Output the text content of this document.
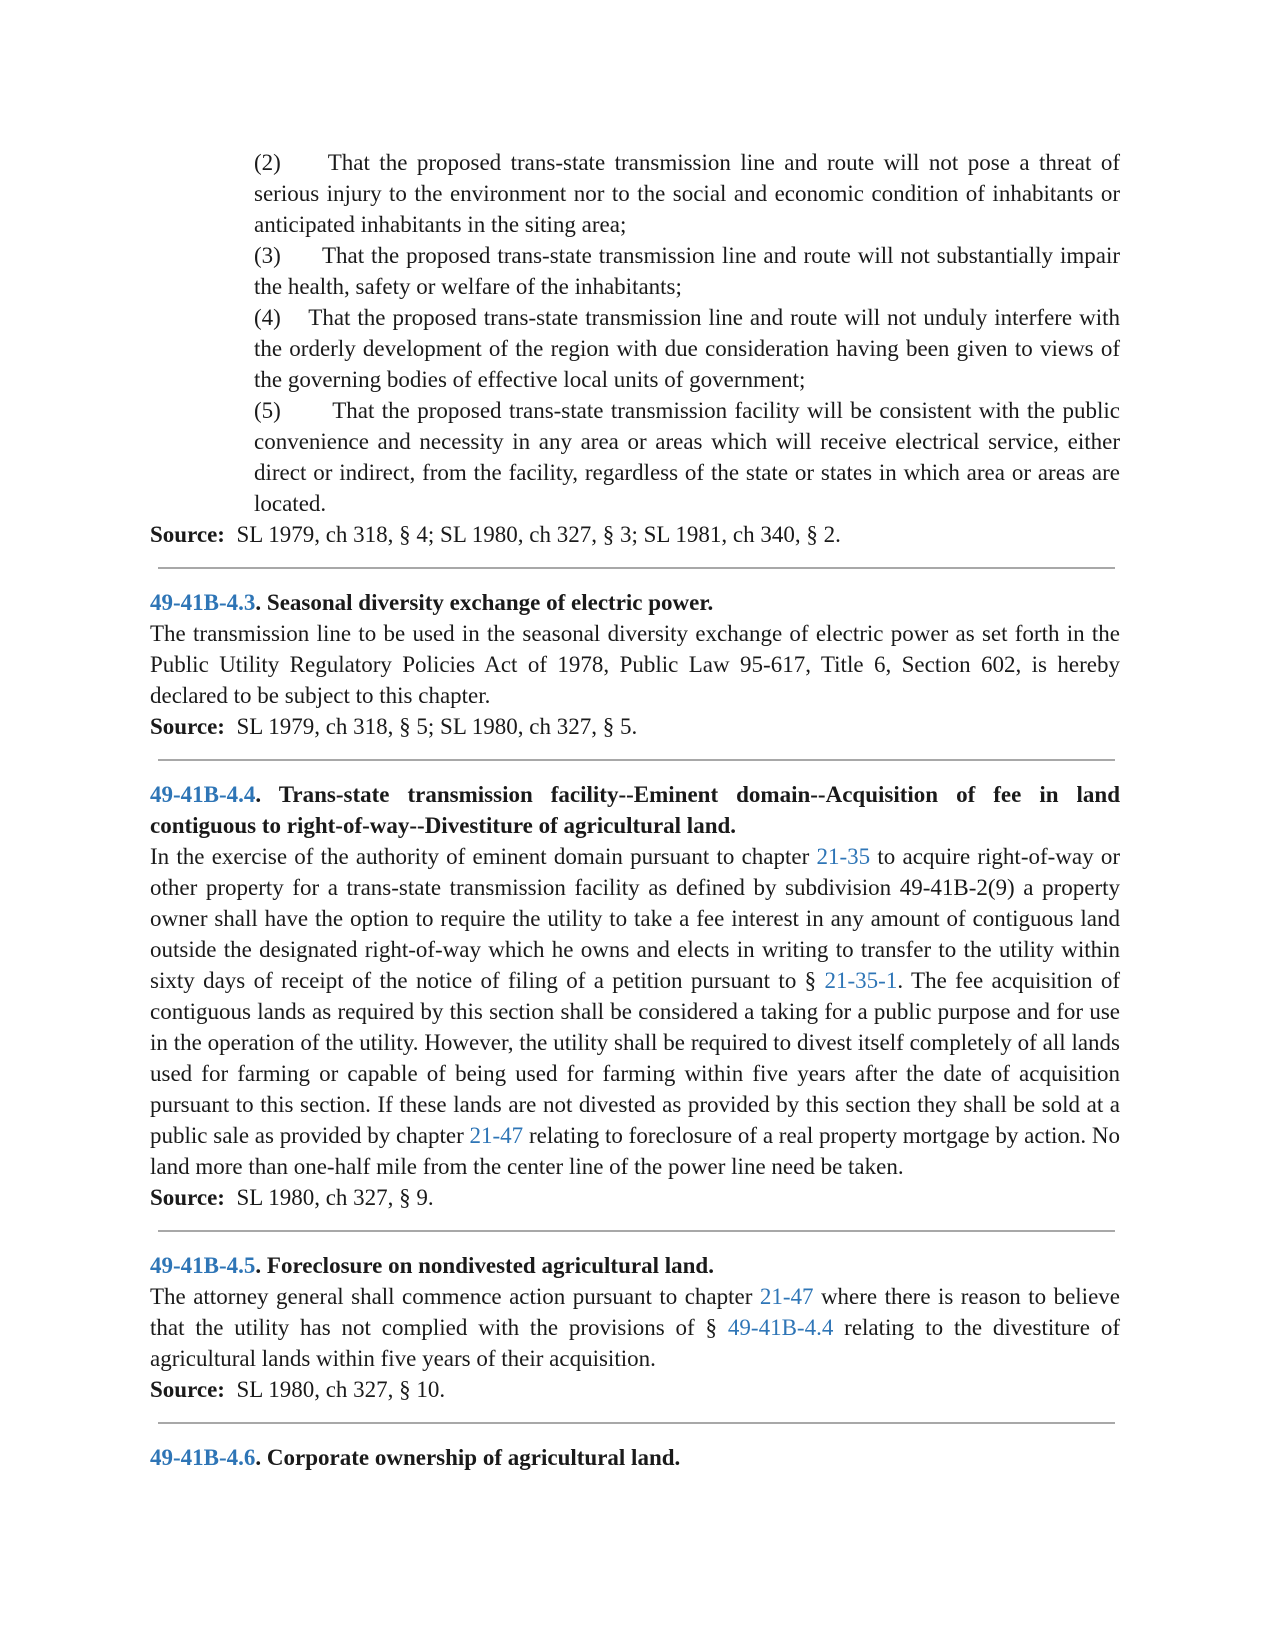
(2) That the proposed trans-state transmission line and route will not pose a threat of serious injury to the environment nor to the social and economic condition of inhabitants or anticipated inhabitants in the siting area;

(3) That the proposed trans-state transmission line and route will not substantially impair the health, safety or welfare of the inhabitants;

(4) That the proposed trans-state transmission line and route will not unduly interfere with the orderly development of the region with due consideration having been given to views of the governing bodies of effective local units of government;

(5) That the proposed trans-state transmission facility will be consistent with the public convenience and necessity in any area or areas which will receive electrical service, either direct or indirect, from the facility, regardless of the state or states in which area or areas are located.

Source: SL 1979, ch 318, § 4; SL 1980, ch 327, § 3; SL 1981, ch 340, § 2.

49-41B-4.3. Seasonal diversity exchange of electric power.

The transmission line to be used in the seasonal diversity exchange of electric power as set forth in the Public Utility Regulatory Policies Act of 1978, Public Law 95-617, Title 6, Section 602, is hereby declared to be subject to this chapter.

Source: SL 1979, ch 318, § 5; SL 1980, ch 327, § 5.

49-41B-4.4. Trans-state transmission facility--Eminent domain--Acquisition of fee in land contiguous to right-of-way--Divestiture of agricultural land.

In the exercise of the authority of eminent domain pursuant to chapter 21-35 to acquire right-of-way or other property for a trans-state transmission facility as defined by subdivision 49-41B-2(9) a property owner shall have the option to require the utility to take a fee interest in any amount of contiguous land outside the designated right-of-way which he owns and elects in writing to transfer to the utility within sixty days of receipt of the notice of filing of a petition pursuant to § 21-35-1. The fee acquisition of contiguous lands as required by this section shall be considered a taking for a public purpose and for use in the operation of the utility. However, the utility shall be required to divest itself completely of all lands used for farming or capable of being used for farming within five years after the date of acquisition pursuant to this section. If these lands are not divested as provided by this section they shall be sold at a public sale as provided by chapter 21-47 relating to foreclosure of a real property mortgage by action. No land more than one-half mile from the center line of the power line need be taken.

Source: SL 1980, ch 327, § 9.

49-41B-4.5. Foreclosure on nondivested agricultural land.

The attorney general shall commence action pursuant to chapter 21-47 where there is reason to believe that the utility has not complied with the provisions of § 49-41B-4.4 relating to the divestiture of agricultural lands within five years of their acquisition.

Source: SL 1980, ch 327, § 10.

49-41B-4.6. Corporate ownership of agricultural land.
